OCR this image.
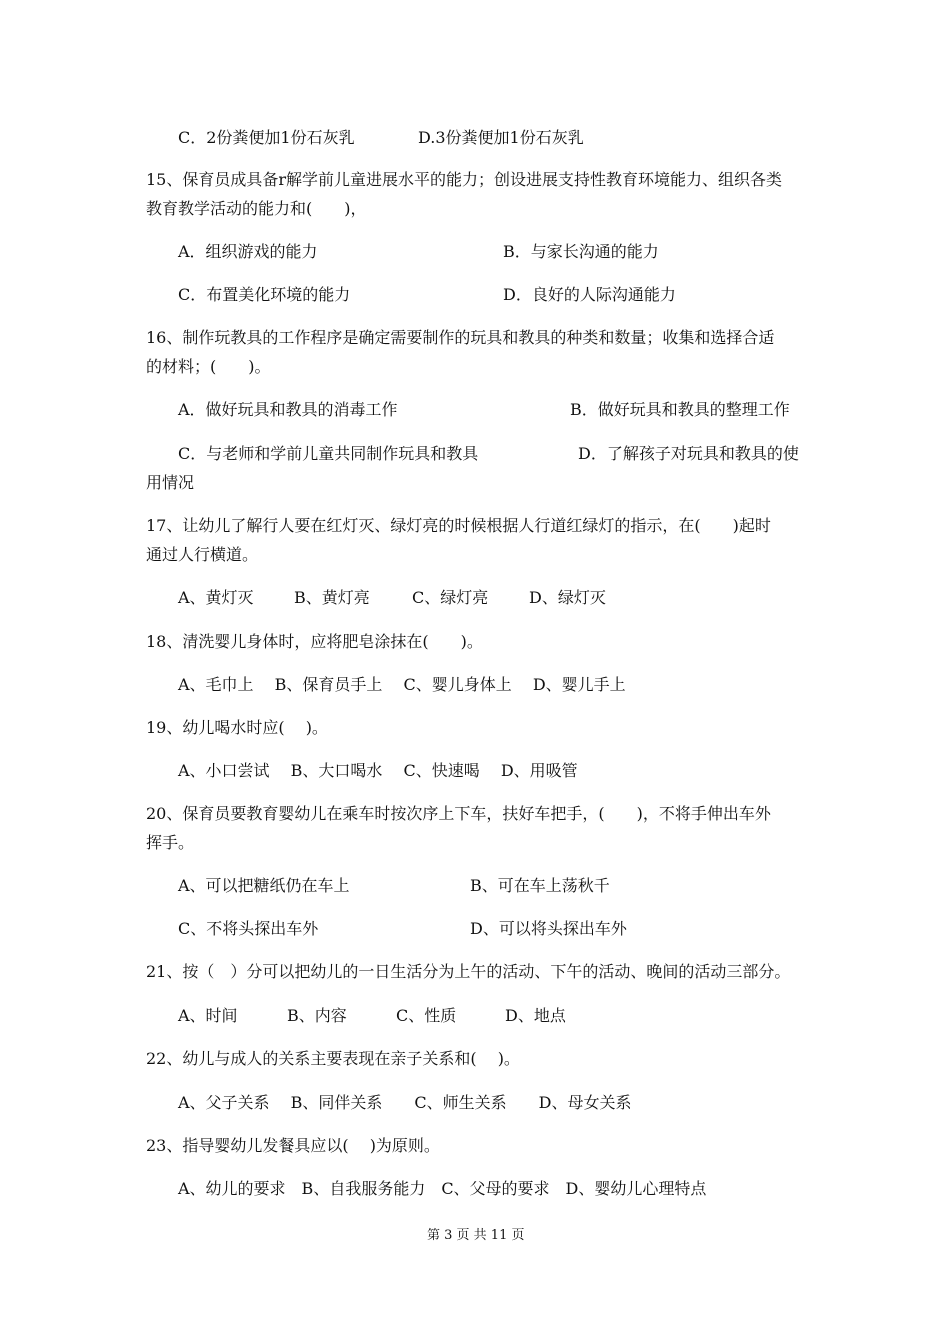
C．2份粪便加1份石灰乳	D.3份粪便加1份石灰乳
15、保育员成具备r解学前儿童进展水平的能力；创设进展支持性教育环境能力、组织各类
教育教学活动的能力和(　　)，
A．组织游戏的能力	B．与家长沟通的能力
C．布置美化环境的能力	D．良好的人际沟通能力
16、制作玩教具的工作程序是确定需要制作的玩具和教具的种类和数量；收集和选择合适
的材料；(　　)。
A．做好玩具和教具的消毒工作	B．做好玩具和教具的整理工作
C．与老师和学前儿童共同制作玩具和教具	D．了解孩子对玩具和教具的使
用情况
17、让幼儿了解行人要在红灯灭、绿灯亮的时候根据人行道红绿灯的指示，在(　　)起时
通过人行横道。
A、黄灯灭	B、黄灯亮	C、绿灯亮	D、绿灯灭
18、清洗婴儿身体时，应将肥皂涂抹在(　　)。
A、毛巾上　 B、保育员手上　 C、婴儿身体上　 D、婴儿手上
19、幼儿喝水时应(　 )。
A、小口尝试　 B、大口喝水　 C、快速喝　 D、用吸管
20、保育员要教育婴幼儿在乘车时按次序上下车，扶好车把手，(　　)，不将手伸出车外
挥手。
A、可以把糖纸仍在车上	B、可在车上荡秋千
C、不将头探出车外	D、可以将头探出车外
21、按（　）分可以把幼儿的一日生活分为上午的活动、下午的活动、晚间的活动三部分。
A、时间	B、内容	C、性质	D、地点
22、幼儿与成人的关系主要表现在亲子关系和(　 )。
A、父子关系　 B、同伴关系　　C、师生关系　　D、母女关系
23、指导婴幼儿发餐具应以(　 )为原则。
A、幼儿的要求　B、自我服务能力　C、父母的要求　D、婴幼儿心理特点
第 3 页 共 11 页
